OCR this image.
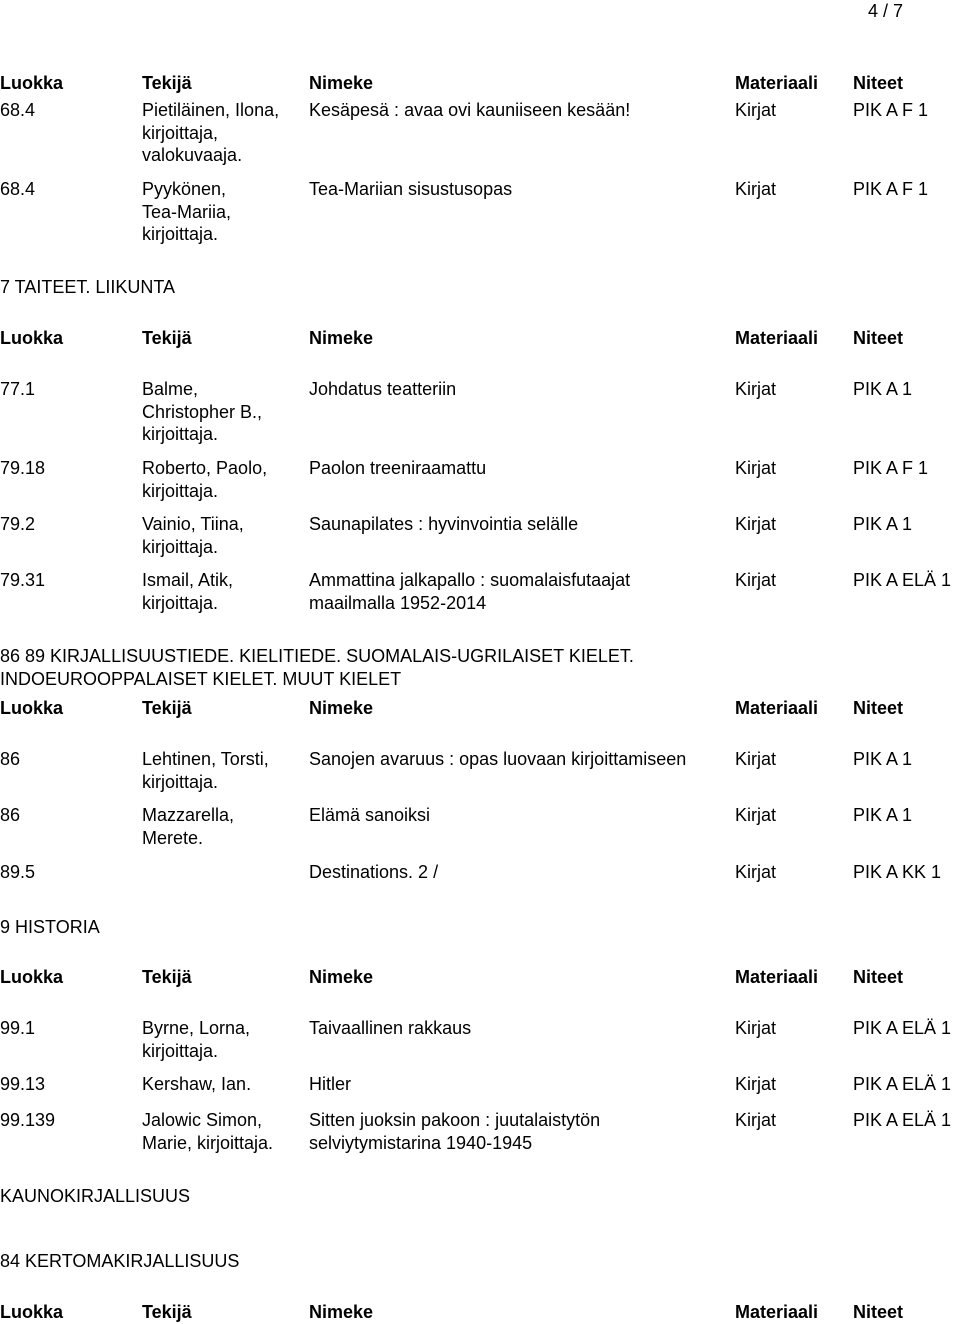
4 / 7
Luokka	Tekijä	Nimeke	Materiaali Niteet
68.4	Pietiläinen, Ilona,
kirjoittaja,
valokuvaaja.
Kesäpesä : avaa ovi kauniiseen kesään!	Kirjat	PIK A F 1
68.4	Pyykönen,
Tea-Mariia,
kirjoittaja.
Tea-Mariian sisustusopas	Kirjat	PIK A F 1
7 TAITEET. LIIKUNTA
Luokka	Tekijä	Nimeke	Materiaali Niteet
77.1	Balme,
Christopher B.,
kirjoittaja.
Johdatus teatteriin	Kirjat	PIK A 1
79.18	Roberto, Paolo,
kirjoittaja.
Paolon treeniraamattu	Kirjat	PIK A F 1
79.2	Vainio, Tiina,
kirjoittaja.
Saunapilates : hyvinvointia selälle	Kirjat	PIK A 1
79.31	Ismail, Atik,
kirjoittaja.
Ammattina jalkapallo : suomalaisfutaajat
maailmalla 1952-2014
Kirjat	PIK A ELÄ 1
86 89 KIRJALLISUUSTIEDE. KIELITIEDE. SUOMALAIS-UGRILAISET KIELET.
INDOEUROOPPALAISET KIELET. MUUT KIELET
Luokka	Tekijä	Nimeke	Materiaali Niteet
86	Lehtinen, Torsti,
kirjoittaja.
Sanojen avaruus : opas luovaan kirjoittamiseen	Kirjat	PIK A 1
86	Mazzarella,
Merete.
Elämä sanoiksi	Kirjat	PIK A 1
89.5	Destinations. 2 /	Kirjat	PIK A KK 1
9 HISTORIA
Luokka	Tekijä	Nimeke	Materiaali Niteet
99.1	Byrne, Lorna,
kirjoittaja.
Taivaallinen rakkaus	Kirjat	PIK A ELÄ 1
99.13	Kershaw, Ian.	Hitler	Kirjat	PIK A ELÄ 1
99.139	Jalowic Simon,
Marie, kirjoittaja.
Sitten juoksin pakoon : juutalaistytön
selviytymistarina 1940-1945
Kirjat	PIK A ELÄ 1
KAUNOKIRJALLISUUS
84 KERTOMAKIRJALLISUUS
Luokka	Tekijä	Nimeke	Materiaali Niteet
